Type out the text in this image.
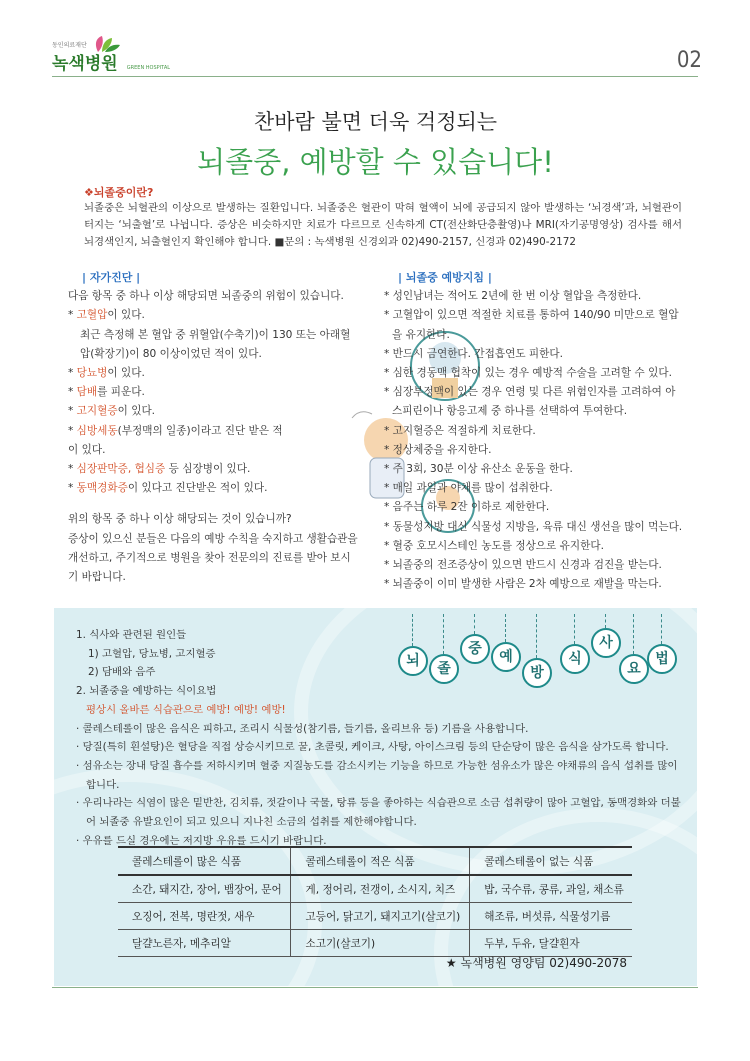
동인의료재단
녹색병원 GREEN HOSPITAL	02
찬바람 불면 더욱 걱정되는
뇌졸중, 예방할 수 있습니다!
❖뇌졸중이란?
뇌졸중은 뇌혈관의 이상으로 발생하는 질환입니다. 뇌졸중은 혈관이 막혀 혈액이 뇌에 공급되지 않아 발생하는 ‘뇌경색’과, 뇌혈관이 터지는 ‘뇌출혈’로 나뉩니다. 증상은 비슷하지만 치료가 다르므로 신속하게 CT(전산화단층촬영)나 MRI(자기공명영상) 검사를 해서 뇌경색인지, 뇌출혈인지 확인해야 합니다. ■문의 : 녹색병원 신경외과 02)490-2157, 신경과 02)490-2172
| 자가진단 |
다음 항목 중 하나 이상 해당되면 뇌졸중의 위험이 있습니다.
* 고혈압이 있다.
최근 측정해 본 혈압 중 위혈압(수축기)이 130 또는 아래혈압(확장기)이 80 이상이었던 적이 있다.
* 당뇨병이 있다.
* 담배를 피운다.
* 고지혈증이 있다.
* 심방세동(부정맥의 일종)이라고 진단 받은 적이 있다.
* 심장판막증, 협심증 등 심장병이 있다.
* 동맥경화증이 있다고 진단받은 적이 있다.
위의 항목 중 하나 이상 해당되는 것이 있습니까?
증상이 있으신 분들은 다음의 예방 수칙을 숙지하고 생활습관을 개선하고, 주기적으로 병원을 찾아 전문의의 진료를 받아 보시기 바랍니다.
| 뇌졸중 예방지침 |
* 성인남녀는 적어도 2년에 한 번 이상 혈압을 측정한다.
* 고혈압이 있으면 적절한 치료를 통하여 140/90 미만으로 혈압을 유지한다.
* 반드시 금연한다. 간접흡연도 피한다.
* 심한 경동맥 협착이 있는 경우 예방적 수술을 고려할 수 있다.
* 심장부정맥이 있는 경우 연령 및 다른 위험인자를 고려하여 아스피린이나 항응고제 중 하나를 선택하여 투여한다.
* 고지혈증은 적절하게 치료한다.
* 정상체중을 유지한다.
* 주 3회, 30분 이상 유산소 운동을 한다.
* 매일 과일과 야채를 많이 섭취한다.
* 음주는 하루 2잔 이하로 제한한다.
* 동물성지방 대신 식물성 지방을, 육류 대신 생선을 많이 먹는다.
* 혈중 호모시스테인 농도를 정상으로 유지한다.
* 뇌졸중의 전조증상이 있으면 반드시 신경과 검진을 받는다.
* 뇌졸중이 이미 발생한 사람은 2차 예방으로 재발을 막는다.
뇌	졸
중	예
방
식
사
요
법
1. 식사와 관련된 원인들
1) 고혈압, 당뇨병, 고지혈증
2) 담배와 음주
2. 뇌졸중을 예방하는 식이요법
평상시 올바른 식습관으로 예방! 예방! 예방!
· 콜레스테롤이 많은 음식은 피하고, 조리시 식물성(참기름, 들기름, 올리브유 등) 기름을 사용합니다.
· 당질(특히 흰설탕)은 혈당을 직접 상승시키므로 꿀, 초콜릿, 케이크, 사탕, 아이스크림 등의 단순당이 많은 음식을 삼가도록 합니다.
· 섬유소는 장내 당질 흡수를 저하시키며 혈중 지질농도를 감소시키는 기능을 하므로 가능한 섬유소가 많은 야채류의 음식 섭취를 많이 합니다.
· 우리나라는 식염이 많은 밑반찬, 김치류, 젓갈이나 국물, 탕류 등을 좋아하는 식습관으로 소금 섭취량이 많아 고혈압, 동맥경화와 더불어 뇌졸중 유발요인이 되고 있으니 지나친 소금의 섭취를 제한해야합니다.
· 우유를 드실 경우에는 저지방 우유를 드시기 바랍니다.
콜레스테롤이 많은 식품	콜레스테롤이 적은 식품	콜레스테롤이 없는 식품
소간, 돼지간, 장어, 뱀장어, 문어	게, 정어리, 전갱이, 소시지, 치즈	밥, 국수류, 콩류, 과일, 채소류
오징어, 전복, 명란젓, 새우	고등어, 닭고기, 돼지고기(살코기)	해조류, 버섯류, 식물성기름
달걀노른자, 메추리알	소고기(살코기)	두부, 두유, 달걀흰자
★ 녹색병원 영양팀 02)490-2078
